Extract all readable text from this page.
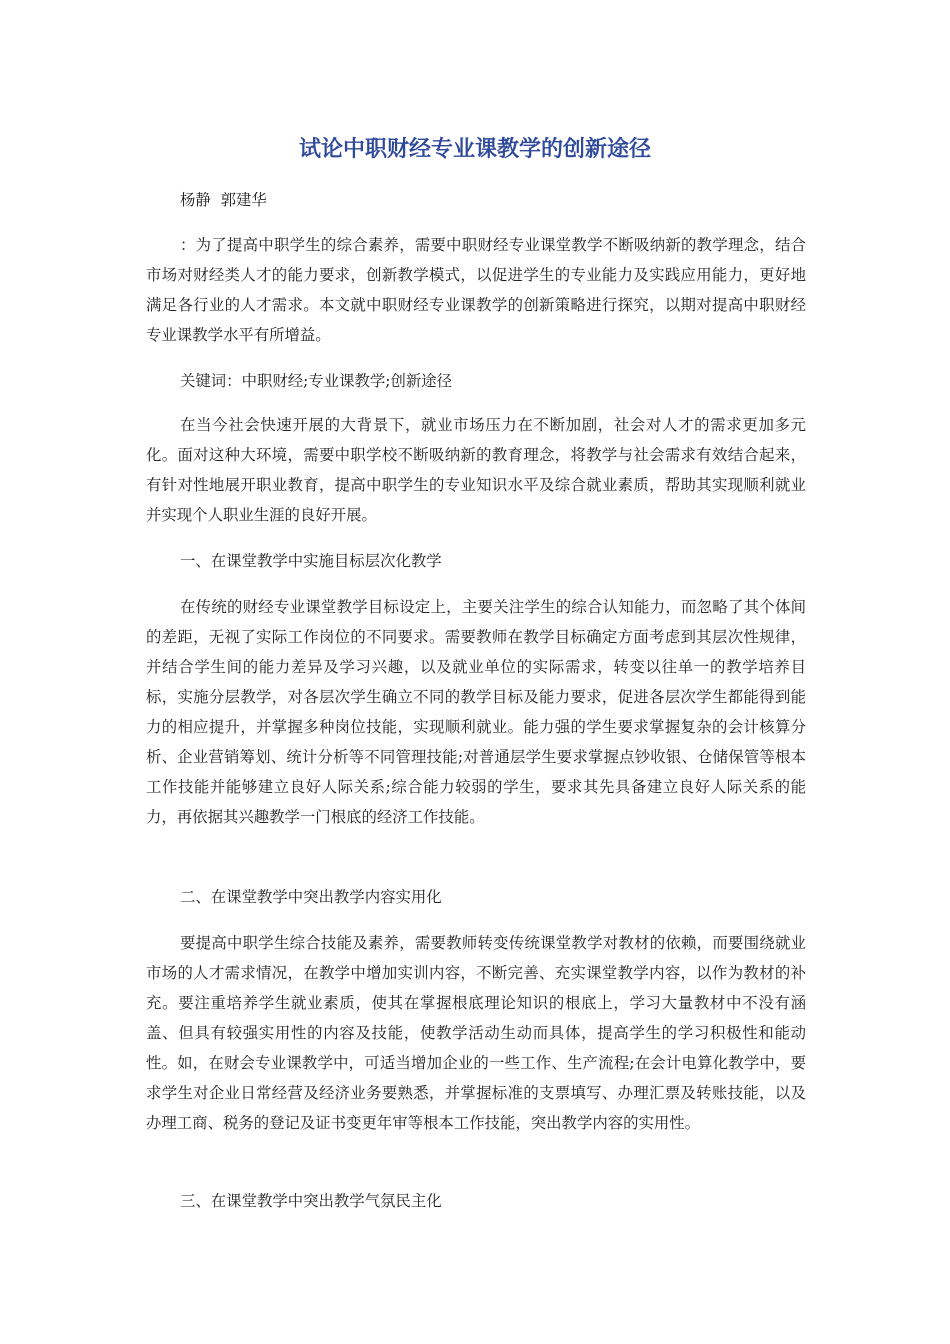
试论中职财经专业课教学的创新途径

杨静  郭建华

：为了提高中职学生的综合素养，需要中职财经专业课堂教学不断吸纳新的教学理念，结合市场对财经类人才的能力要求，创新教学模式，以促进学生的专业能力及实践应用能力，更好地满足各行业的人才需求。本文就中职财经专业课教学的创新策略进行探究，以期对提高中职财经专业课教学水平有所增益。

关键词：中职财经;专业课教学;创新途径

在当今社会快速开展的大背景下，就业市场压力在不断加剧，社会对人才的需求更加多元化。面对这种大环境，需要中职学校不断吸纳新的教育理念，将教学与社会需求有效结合起来，有针对性地展开职业教育，提高中职学生的专业知识水平及综合就业素质，帮助其实现顺利就业并实现个人职业生涯的良好开展。

一、在课堂教学中实施目标层次化教学

在传统的财经专业课堂教学目标设定上，主要关注学生的综合认知能力，而忽略了其个体间的差距，无视了实际工作岗位的不同要求。需要教师在教学目标确定方面考虑到其层次性规律，并结合学生间的能力差异及学习兴趣，以及就业单位的实际需求，转变以往单一的教学培养目标，实施分层教学，对各层次学生确立不同的教学目标及能力要求，促进各层次学生都能得到能力的相应提升，并掌握多种岗位技能，实现顺利就业。能力强的学生要求掌握复杂的会计核算分析、企业营销筹划、统计分析等不同管理技能;对普通层学生要求掌握点钞收银、仓储保管等根本工作技能并能够建立良好人际关系;综合能力较弱的学生，要求其先具备建立良好人际关系的能力，再依据其兴趣教学一门根底的经济工作技能。

二、在课堂教学中突出教学内容实用化

要提高中职学生综合技能及素养，需要教师转变传统课堂教学对教材的依赖，而要围绕就业市场的人才需求情况，在教学中增加实训内容，不断完善、充实课堂教学内容，以作为教材的补充。要注重培养学生就业素质，使其在掌握根底理论知识的根底上，学习大量教材中不没有涵盖、但具有较强实用性的内容及技能，使教学活动生动而具体，提高学生的学习积极性和能动性。如，在财会专业课教学中，可适当增加企业的一些工作、生产流程;在会计电算化教学中，要求学生对企业日常经营及经济业务要熟悉，并掌握标准的支票填写、办理汇票及转账技能，以及办理工商、税务的登记及证书变更年审等根本工作技能，突出教学内容的实用性。

三、在课堂教学中突出教学气氛民主化
